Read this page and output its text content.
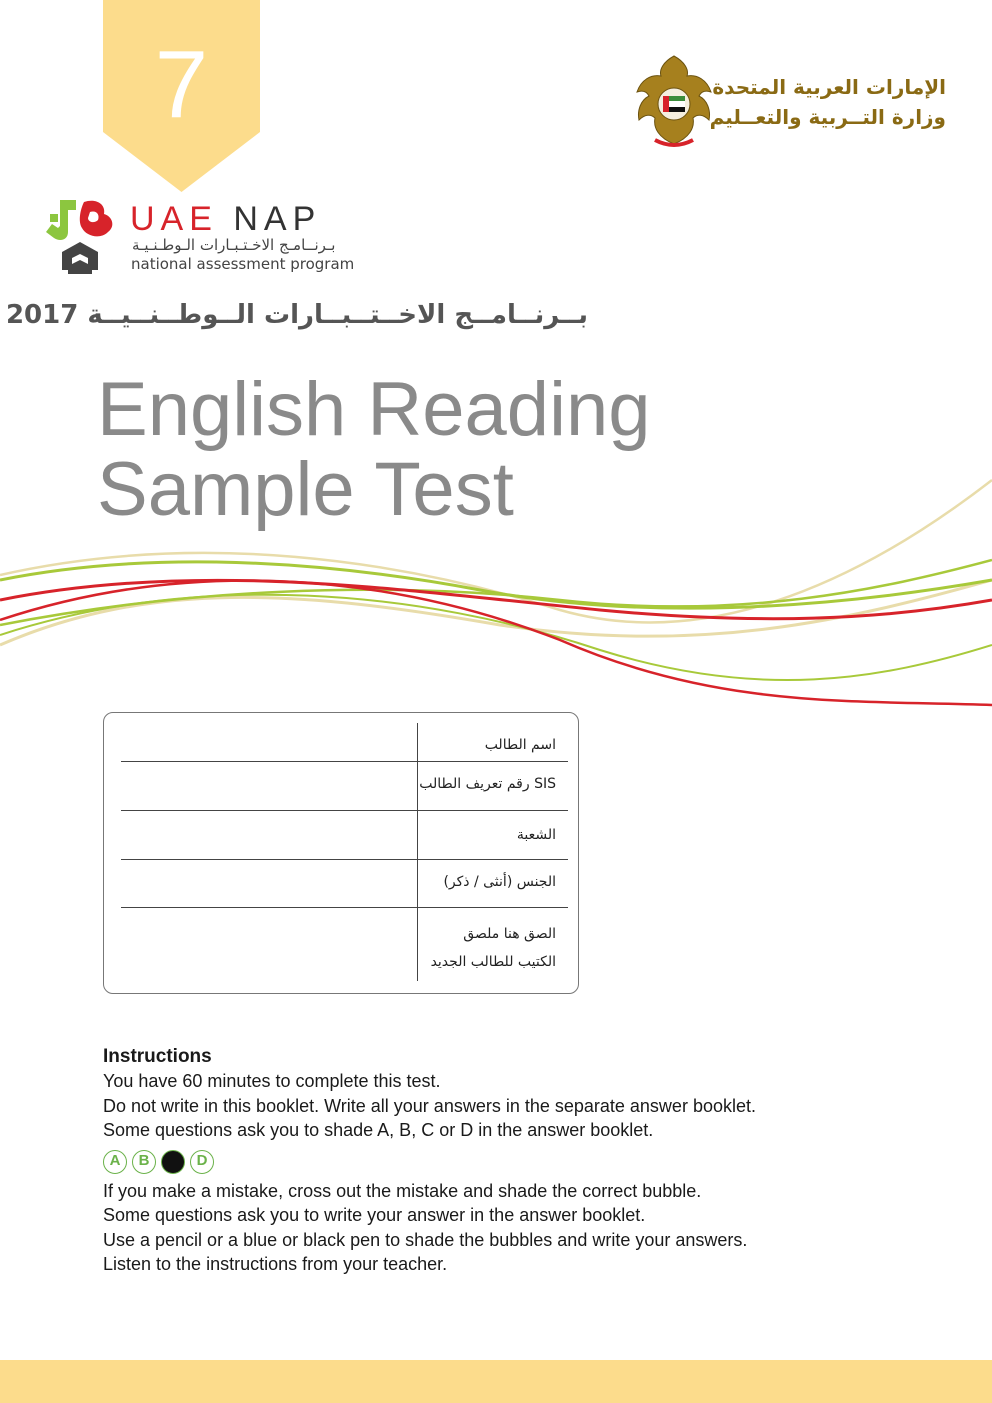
7	الإمارات العربية المتحدة
وزارة التــربية والتعــليم
UAE NAP
بـرنــامـج الاخـتـبـارات الـوطـنـيـة
national assessment program
بــرنــامــج الاخــتــبــارات الــوطــنــيــة 2017
English Reading
Sample Test
اسم الطالب
SIS رقم تعريف الطالب
الشعبة
الجنس (أنثى / ذكر)
الصق هنا ملصق
الكتيب للطالب الجديد
Instructions

You have 60 minutes to complete this test.

Do not write in this booklet. Write all your answers in the separate answer booklet.

Some questions ask you to shade A, B, C or D in the answer booklet.

A	B	D

If you make a mistake, cross out the mistake and shade the correct bubble.

Some questions ask you to write your answer in the answer booklet.

Use a pencil or a blue or black pen to shade the bubbles and write your answers.

Listen to the instructions from your teacher.
